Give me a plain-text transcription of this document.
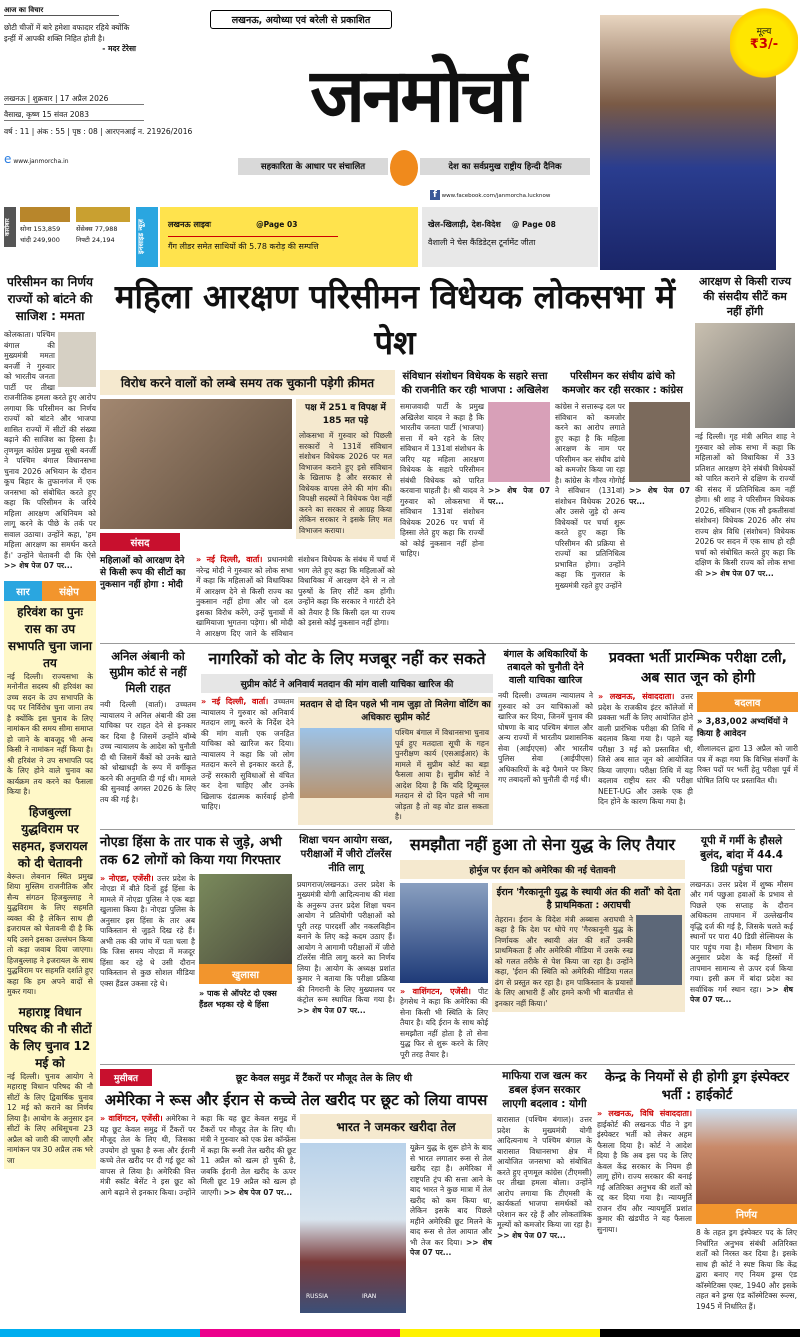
आज का विचार
छोटी चीजों में बारे हमेशा वफादार रहिये क्योंकि इन्हीं में आपकी शक्ति निहित होती है।
- मदर टेरेसा
लखनऊ | शुक्रवार | 17 अप्रैल 2026
वैसाख, कृष्ण 15 संवत 2083
वर्ष : 11 | अंक : 55 | पृष्ठ : 08 | आरएनआई न. 21926/2016
e www.janmorcha.in
लखनऊ, अयोध्या एवं बरेली से प्रकाशित
जनमोर्चा
सहकारिता के आधार पर संचालित	देश का सर्वप्रमुख राष्ट्रीय हिन्दी दैनिक
f www.facebook.com/janmorcha.lucknow
मूल्य
₹3/-
कारोबार	सोना 153,859
चांदी 249,900
सेंसेक्स 77,988
निफ्टी 24,194	इनसाइड न्यूज़	लखनऊ लाइवः	@Page 03
गैंग लीडर समेत साथियों की 5.78 करोड़ की सम्पत्ति
खेल-खिलाड़ी, देश-विदेश @ Page 08
वैशाली ने चेस कैंडिडेट्स टूर्नामेंट जीता
परिसीमन का निर्णय राज्यों को बांटने की साजिश : ममता
कोलकाता। पश्चिम बंगाल की मुख्यमंत्री ममता बनर्जी ने गुरुवार को भारतीय जनता पार्टी पर तीखा राजनीतिक हमला करते हुए आरोप लगाया कि परिसीमन का निर्णय राज्यों को बांटने और भाजपा शासित राज्यों में सीटों की संख्या बढ़ाने की साजिश का हिस्सा है। तृणमूल कांग्रेस प्रमुख सुश्री बनर्जी ने पश्चिम बंगाल विधानसभा चुनाव 2026 अभियान के दौरान कूच बिहार के तुफानगंज में एक जनसभा को संबोधित करते हुए कहा कि परिसीमन के जरिये महिला आरक्षण अधिनियम को लागू करने के पीछे के तर्क पर सवाल उठाया। उन्होंने कहा, 'हम महिला आरक्षण का समर्थन करते हैं।' उन्होंने चेतावनी दी कि ऐसे >> शेष पेज 07 पर...
सार	संक्षेप
हरिवंश का पुनः रास का उप सभापति चुना जाना तय
नई दिल्ली। राज्यसभा के मनोनीत सदस्य श्री हरिवंश का उच्च सदन के उप सभापति के पद पर निर्विरोध चुना जाना तय है क्योंकि इस चुनाव के लिए नामांकन की समय सीमा समाप्त हो जाने के बावजूद भी अन्य किसी ने नामांकन नहीं किया है। श्री हरिवंश ने उप सभापति पद के लिए होने वाले चुनाव का कार्यक्रम तय करने का फैसला किया है।
हिजबुल्ला युद्धविराम पर सहमत, इजरायल को दी चेतावनी
बेरूत। लेबनान स्थित प्रमुख शिया मुस्लिम राजनीतिक और सैन्य संगठन हिजबुल्लाह ने युद्धविराम के लिए सहमति व्यक्त की है लेकिन साथ ही इजरायल को चेतावनी दी है कि यदि उसने इसका उल्लंघन किया तो कड़ा जवाब दिया जाएगा। हिजबुल्लाह ने इजरायल के साथ युद्धविराम पर सहमति दर्शाते हुए कहा कि हम अपने वादों से मुकर गया।
महाराष्ट्र विधान परिषद की नौ सीटों के लिए चुनाव 12 मई को
नई दिल्ली। चुनाव आयोग ने महाराष्ट्र विधान परिषद की नौ सीटों के लिए द्विवार्षिक चुनाव 12 मई को कराने का निर्णय लिया है। आयोग के अनुसार इन सीटों के लिए अधिसूचना 23 अप्रैल को जारी की जाएगी और नामांकन पत्र 30 अप्रैल तक भरे जा
महिला आरक्षण परिसीमन विधेयक लोकसभा में पेश
विरोध करने वालों को लम्बे समय तक चुकानी पड़ेगी क़ीमत
संसद
पक्ष में 251 व विपक्ष में 185 मत पड़े
लोकसभा में गुरुवार को पिछली सरकारों ने 131वें संविधान संशोधन विधेयक 2026 पर मत विभाजन कराने हुए इसे संविधान के खिलाफ है और सरकार से विधेयक वापस लेने की मांग की। विपक्षी सदस्यों ने विधेयक पेश नहीं करने का सरकार से आग्रह किया लेकिन सरकार ने इसके लिए मत विभाजन कराया।
महिलाओं को आरक्षण देने से किसी रूप की सीटों का नुकसान नहीं होगा : मोदी
» नई दिल्ली, वार्ता। प्रधानमंत्री नरेन्द्र मोदी ने गुरुवार को लोक सभा में कहा कि महिलाओं को विधायिका में आरक्षण देने से किसी राज्य का नुकसान नहीं होगा और जो दल इसका विरोध करेंगे, उन्हें चुनावों में खामियाजा भुगतना पड़ेगा। श्री मोदी ने आरक्षण दिए जाने के संविधान संशोधन विधेयक के संबंध में चर्चा में भाग लेते हुए कहा कि महिलाओं को विधायिका में आरक्षण देने से न तो पुरुषों के लिए सीटें कम होंगी। उन्होंने कहा कि सरकार ने गारंटी देने को तैयार है कि किसी दल या राज्य को इससे कोई नुकसान नहीं होगा।
संविधान संशोधन विधेयक के सहारे सत्ता की राजनीति कर रही भाजपा : अखिलेश
समाजवादी पार्टी के प्रमुख अखिलेश यादव ने कहा है कि भारतीय जनता पार्टी (भाजपा) सत्ता में बने रहने के लिए संविधान में 131वां संशोधन के जरिए यह महिला आरक्षण विधेयक के सहारे परिसीमन संबंधी विधेयक को पारित करवाना चाहती है। श्री यादव ने गुरुवार को लोकसभा में संविधान 131वां संशोधन विधेयक 2026 पर चर्चा में हिस्सा लेते हुए कहा कि राज्यों को कोई नुकसान नहीं होना चाहिए।
>> शेष पेज 07 पर...
परिसीमन कर संघीय ढांचे को कमजोर कर रही सरकार : कांग्रेस
कांग्रेस ने सत्तारूढ़ दल पर संविधान को कमजोर करने का आरोप लगाते हुए कहा है कि महिला आरक्षण के नाम पर परिसीमन कर संघीय ढांचे को कमजोर किया जा रहा है। कांग्रेस के गौरव गोगोई ने संविधान (131वां) संशोधन विधेयक 2026 और उससे जुड़े दो अन्य विधेयकों पर चर्चा शुरू करते हुए कहा कि परिसीमन की प्रक्रिया से राज्यों का प्रतिनिधित्व प्रभावित होगा। उन्होंने कहा कि गुजरात के मुख्यमंत्री रहते हुए उन्होंने
>> शेष पेज 07 पर...
आरक्षण से किसी राज्य की संसदीय सीटें कम नहीं होंगी
नई दिल्ली। गृह मंत्री अमित शाह ने गुरुवार को लोक सभा में कहा कि महिलाओं को विधायिका में 33 प्रतिशत आरक्षण देने संबंधी विधेयकों को पारित कराने से दक्षिण के राज्यों की संसद में प्रतिनिधित्व कम नहीं होगा। श्री शाह ने परिसीमन विधेयक 2026, संविधान (एक सौ इकतीसवां संशोधन) विधेयक 2026 और संघ राज्य क्षेत्र विधि (संशोधन) विधेयक 2026 पर सदन में एक साथ हो रही चर्चा को संबोधित करते हुए कहा कि दक्षिण के किसी राज्य को लोक सभा की >> शेष पेज 07 पर...
अनिल अंबानी को सुप्रीम कोर्ट से नहीं मिली राहत
नयी दिल्ली (वार्ता)। उच्चतम न्यायालय ने अनिल अंबानी की उस याचिका पर राहत देने से इनकार कर दिया है जिसमें उन्होंने बॉम्बे उच्च न्यायालय के आदेश को चुनौती दी थी जिसमें बैंकों को उनके खाते को धोखाधड़ी के रूप में वर्गीकृत करने की अनुमति दी गई थी। मामले की सुनवाई अगस्त 2026 के लिए तय की गई है।
नागरिकों को वोट के लिए मजबूर नहीं कर सकते
सुप्रीम कोर्ट ने अनिवार्य मतदान की मांग वाली याचिका खारिज की
» नई दिल्ली, वार्ता। उच्चतम न्यायालय ने गुरुवार को अनिवार्य मतदान लागू करने के निर्देश देने की मांग वाली एक जनहित याचिका को खारिज कर दिया। न्यायालय ने कहा कि जो लोग मतदान करने से इनकार करते हैं, उन्हें सरकारी सुविधाओं से वंचित कर देना चाहिए और उनके खिलाफ दंडात्मक कार्रवाई होनी चाहिए।
मतदान से दो दिन पहले भी नाम जुड़ा तो मिलेगा वोटिंग का अधिकारः सुप्रीम कोर्ट
पश्चिम बंगाल में विधानसभा चुनाव पूर्व हुए मतदाता सूची के गहन पुनरीक्षण कार्य (एसआईआर) के मामले में सुप्रीम कोर्ट का बड़ा फैसला आया है। सुप्रीम कोर्ट ने आदेश दिया है कि यदि ट्रिब्यूनल मतदान से दो दिन पहले भी नाम जोड़ता है तो वह वोट डाल सकता है।
बंगाल के अधिकारियों के तबादले को चुनौती देने वाली याचिका खारिज
नयी दिल्ली। उच्चतम न्यायालय ने गुरुवार को उन याचिकाओं को खारिज कर दिया, जिनमें चुनाव की घोषणा के बाद पश्चिम बंगाल और अन्य राज्यों में भारतीय प्रशासनिक सेवा (आईएएस) और भारतीय पुलिस सेवा (आईपीएस) अधिकारियों के बड़े पैमाने पर किए गए तबादलों को चुनौती दी गई थी।
प्रवक्ता भर्ती प्रारम्भिक परीक्षा टली, अब सात जून को होगी
» लखनऊ, संवाददाता। उत्तर प्रदेश के राजकीय इंटर कॉलेजों में प्रवक्ता भर्ती के लिए आयोजित होने वाली प्रारंभिक परीक्षा की तिथि में बदलाव किया गया है। पहले यह परीक्षा 3 मई को प्रस्तावित थी, जिसे अब सात जून को आयोजित किया जाएगा। परीक्षा तिथि में यह बदलाव राष्ट्रीय स्तर की परीक्षा NEET-UG और उसके एक ही दिन होने के कारण किया गया है।
बदलाव
» 3,83,002 अभ्यर्थियों ने किया है आवेदन
शीलालदत्त द्वारा 13 अप्रैल को जारी पत्र में कहा गया कि विभिन्न संवर्गों के रिक्त पदों पर भर्ती हेतु परीक्षा पूर्व में घोषित तिथि पर प्रस्तावित थी।
नोएडा हिंसा के तार पाक से जुड़े, अभी तक 62 लोगों को किया गया गिरफ्तार
» नोएडा, एजेंसी। उत्तर प्रदेश के नोएडा में बीते दिनों हुई हिंसा के मामले में नोएडा पुलिस ने एक बड़ा खुलासा किया है। नोएडा पुलिस के अनुसार इस हिंसा के तार अब पाकिस्तान से जुड़ते दिख रहे हैं। अभी तक की जांच में पता चला है कि जिस समय नोएडा में मजदूर हिंसा कर रहे थे उसी दौरान पाकिस्तान से कुछ सोशल मीडिया एक्स हैंडल उकसा रहे थे।
खुलासा
» पाक से ऑपरेट दो एक्स हैंडल भड़का रहे थे हिंसा
शिक्षा चयन आयोग सख्त, परीक्षाओं में जीरो टॉलरेंस नीति लागू
प्रयागराज/लखनऊ। उत्तर प्रदेश के मुख्यमंत्री योगी आदित्यनाथ की मंशा के अनुरूप उत्तर प्रदेश शिक्षा चयन आयोग ने प्रतियोगी परीक्षाओं को पूरी तरह पारदर्शी और नकलविहीन बनाने के लिए कड़े कदम उठाए हैं। आयोग ने आगामी परीक्षाओं में जीरो टॉलरेंस नीति लागू करने का निर्णय लिया है। आयोग के अध्यक्ष प्रशांत कुमार ने बताया कि परीक्षा प्रक्रिया की निगरानी के लिए मुख्यालय पर कंट्रोल रूम स्थापित किया गया है। >> शेष पेज 07 पर...
समझौता नहीं हुआ तो सेना युद्ध के लिए तैयार
होर्मुज पर ईरान को अमेरिका की नई चेतावनी
» वाशिंगटन, एजेंसी। पीट हेगसेथ ने कहा कि अमेरिका की सेना किसी भी स्थिति के लिए तैयार है। यदि ईरान के साथ कोई समझौता नहीं होता है तो सेना युद्ध फिर से शुरू करने के लिए पूरी तरह तैयार है।
ईरान 'गैरकानूनी युद्ध के स्थायी अंत की शर्तों' को देता है प्राथमिकता : अराघची
तेहरान। ईरान के विदेश मंत्री अब्बास अराघची ने कहा है कि देश पर थोपे गए 'गैरकानूनी युद्ध के निर्णायक और स्थायी अंत की शर्तें उनकी प्राथमिकता हैं और अमेरिकी मीडिया में उसके रुख को गलत तरीके से पेश किया जा रहा है। उन्होंने कहा, 'ईरान की स्थिति को अमेरिकी मीडिया गलत ढंग से प्रस्तुत कर रहा है। हम पाकिस्तान के प्रयासों के लिए आभारी हैं और हमने कभी भी बातचीत से इनकार नहीं किया।'
यूपी में गर्मी के हौसले बुलंद, बांदा में 44.4 डिग्री पहुंचा पारा
लखनऊ। उत्तर प्रदेश में शुष्क मौसम और गर्म पछुआ हवाओं के प्रभाव से पिछले एक सप्ताह के दौरान अधिकतम तापमान में उल्लेखनीय वृद्धि दर्ज की गई है, जिसके चलते कई स्थानों पर पारा 40 डिग्री सेल्सियस के पार पहुंच गया है। मौसम विभाग के अनुसार प्रदेश के कई हिस्सों में तापमान सामान्य से ऊपर दर्ज किया गया। इसी क्रम में बांदा प्रदेश का सर्वाधिक गर्म स्थान रहा। >> शेष पेज 07 पर...
मुसीबत	छूट केवल समुद्र में टैंकरों पर मौजूद तेल के लिए थी
अमेरिका ने रूस और ईरान से कच्चे तेल खरीद पर छूट को लिया वापस
» वाशिंगटन, एजेंसी। अमेरिका ने यह छूट केवल समुद्र में टैंकरों पर मौजूद तेल के लिए थी, जिसका उपयोग हो चुका है रूस और ईरानी कच्चे तेल खरीद पर दी गई छूट को वापस ले लिया है। अमेरिकी वित्त मंत्री स्कॉट बेसेंट ने इस छूट को आगे बढ़ाने से इनकार किया। उन्होंने कहा कि यह छूट केवल समुद्र में टैंकरों पर मौजूद तेल के लिए थी। मंत्री ने गुरुवार को एक प्रेस कॉन्फ्रेंस में कहा कि रूसी तेल खरीद की छूट 11 अप्रैल को खत्म हो चुकी है, जबकि ईरानी तेल खरीद के ऊपर मिली छूट 19 अप्रैल को खत्म हो जाएगी। >> शेष पेज 07 पर...
भारत ने जमकर खरीदा तेल
RUSSIA	IRAN
यूक्रेन युद्ध के शुरू होने के बाद से भारत लगातार रूस से तेल खरीद रहा है। अमेरिका में राष्ट्रपति ट्रंप की सत्ता आने के बाद भारत ने कुछ मात्रा में तेल खरीद को कम किया था, लेकिन इसके बाद पिछले महीने अमेरिकी छूट मिलने के बाद रूस से तेल आयात और भी तेज कर दिया। >> शेष पेज 07 पर...
माफिया राज खत्म कर डबल इंजन सरकार लाएगी बदलाव : योगी
बारासात (पश्चिम बंगाल)। उत्तर प्रदेश के मुख्यमंत्री योगी आदित्यनाथ ने पश्चिम बंगाल के बारासात विधानसभा क्षेत्र में आयोजित जनसभा को संबोधित करते हुए तृणमूल कांग्रेस (टीएमसी) पर तीखा हमला बोला। उन्होंने आरोप लगाया कि टीएमसी के कार्यकर्ता भाजपा समर्थकों को परेशान कर रहे हैं और लोकतांत्रिक मूल्यों को कमजोर किया जा रहा है। >> शेष पेज 07 पर...
केन्द्र के नियमों से ही होगी ड्रग इंस्पेक्टर भर्ती : हाईकोर्ट
» लखनऊ, विधि संवाददाता। हाईकोर्ट की लखनऊ पीठ ने ड्रग इंस्पेक्टर भर्ती को लेकर अहम फैसला दिया है। कोर्ट ने आदेश दिया है कि अब इस पद के लिए केवल केंद्र सरकार के नियम ही लागू होंगे। राज्य सरकार की बनाई गई अतिरिक्त अनुभव की शर्तों को रद्द कर दिया गया है। न्यायमूर्ति राजन रॉय और न्यायमूर्ति प्रशांत कुमार की खंडपीठ ने यह फैसला सुनाया।
निर्णय
8 के तहत ड्रग इंस्पेक्टर पद के लिए निर्धारित अनुभव संबंधी अतिरिक्त शर्तों को निरस्त कर दिया है। इसके साथ ही कोर्ट ने स्पष्ट किया कि केंद्र द्वारा बनाए गए नियम ड्रग्स एंड कॉस्मेटिक्स एक्ट, 1940 और इसके तहत बने ड्रग्स एंड कॉस्मेटिक्स रूल्स, 1945 में निर्धारित हैं।
